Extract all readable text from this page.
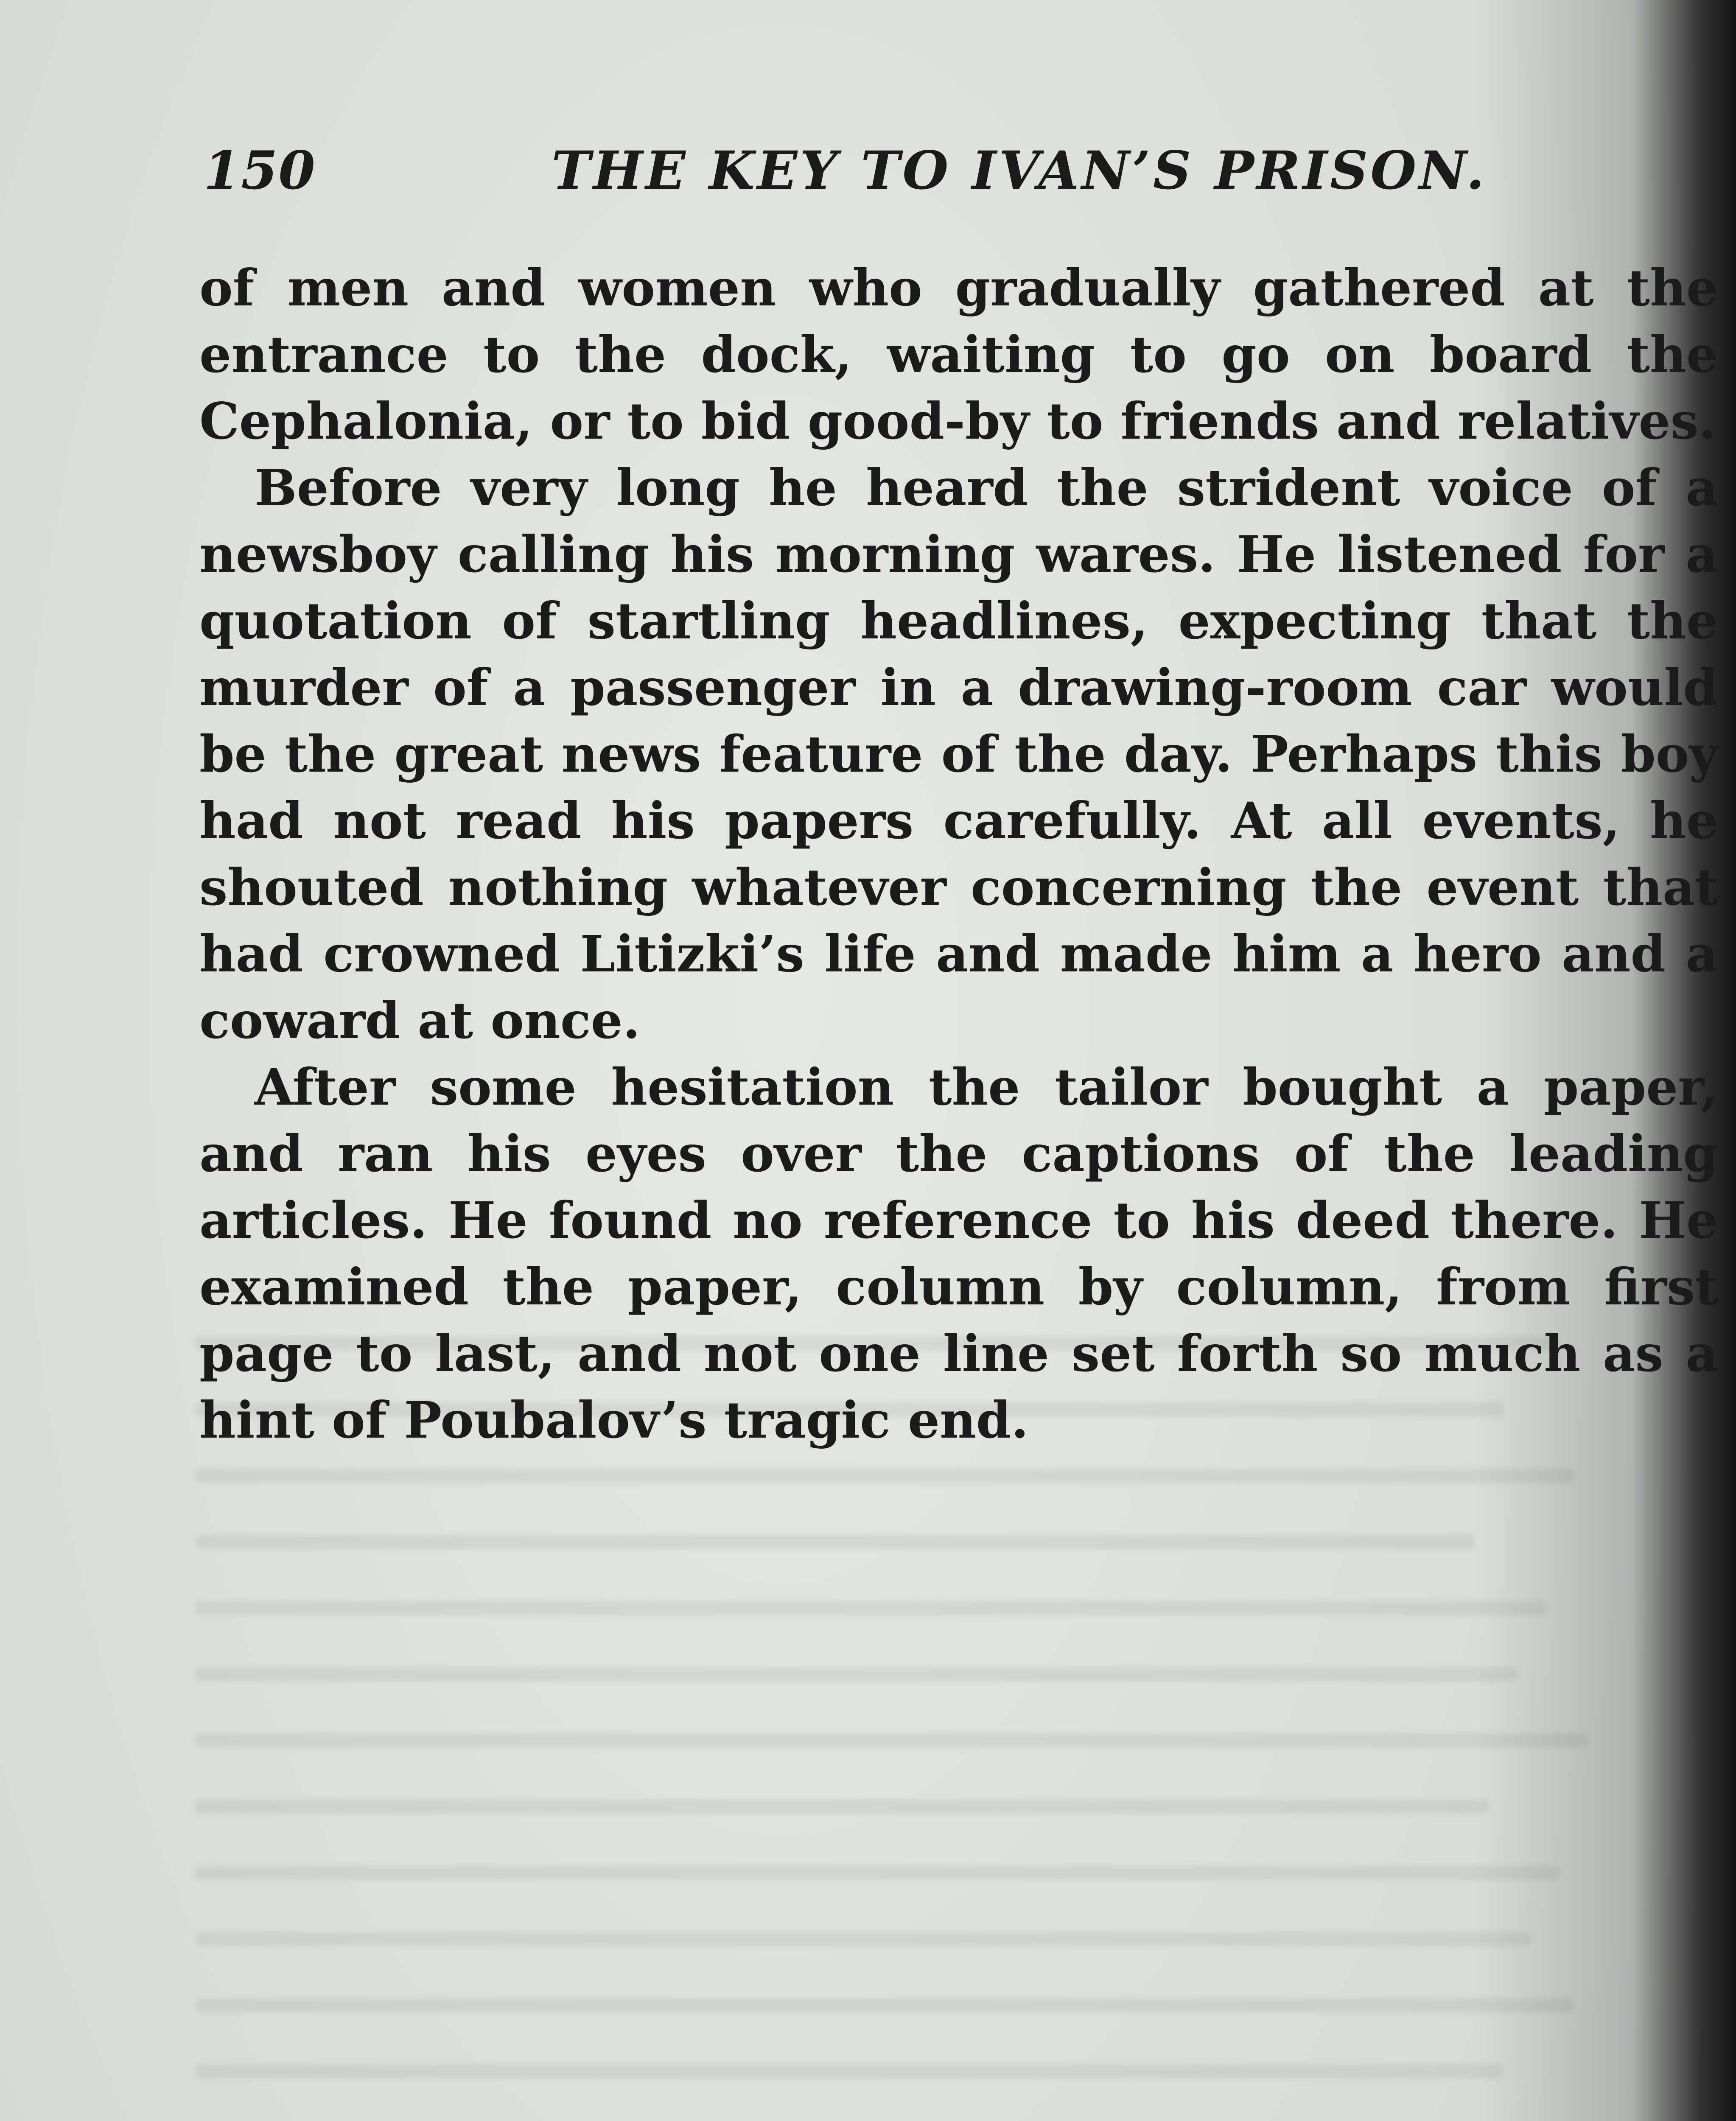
150	THE KEY TO IVAN’S PRISON.

of men and women who gradually gathered at the entrance to the dock, waiting to go on board the Cephalonia, or to bid good-by to friends and relatives.

Before very long he heard the strident voice of a newsboy calling his morning wares. He listened for a quotation of startling headlines, expecting that the murder of a passenger in a drawing-room car would be the great news feature of the day. Perhaps this boy had not read his papers carefully. At all events, he shouted nothing whatever concerning the event that had crowned Litizki’s life and made him a hero and a coward at once.

After some hesitation the tailor bought a paper, and ran his eyes over the captions of the leading articles. He found no reference to his deed there. He examined the paper, column by column, from first page to last, and not one line set forth so much as a hint of Poubalov’s tragic end.
